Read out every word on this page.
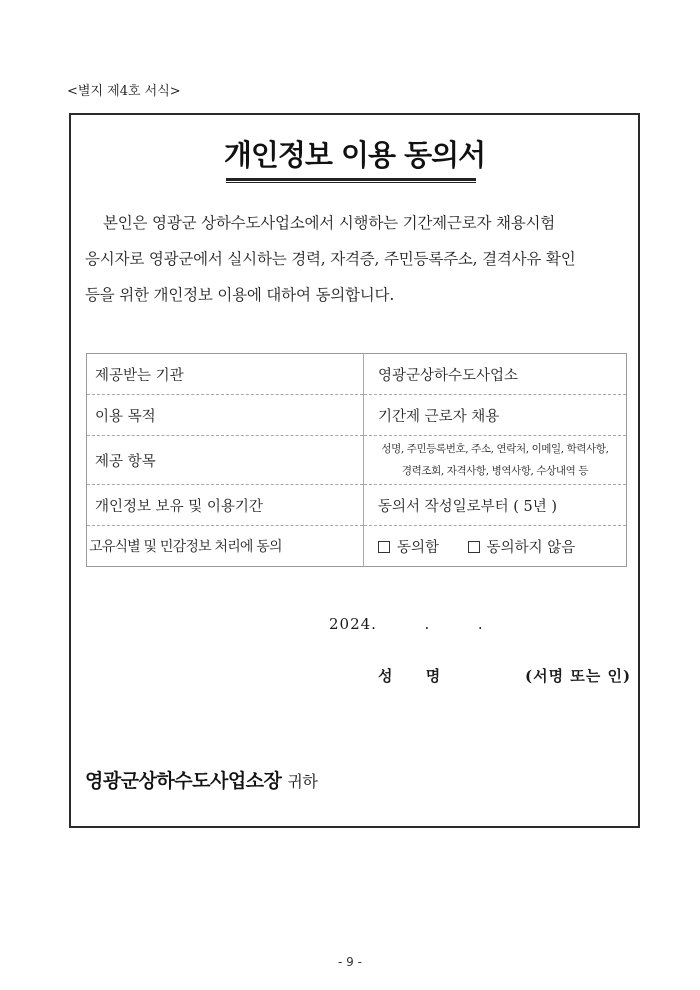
<별지 제4호 서식>
개인정보 이용 동의서
본인은 영광군 상하수도사업소에서 시행하는 기간제근로자 채용시험
응시자로 영광군에서 실시하는 경력, 자격증, 주민등록주소, 결격사유 확인
등을 위한 개인정보 이용에 대하여 동의합니다.
제공받는 기관	영광군상하수도사업소
이용 목적	기간제 근로자 채용
제공 항목	성명, 주민등록번호, 주소, 연락처, 이메일, 학력사항,
경력조회, 자격사항, 병역사항, 수상내역 등

개인정보 보유 및 이용기간	동의서 작성일로부터 ( 5년 )
고유식별 및 민감정보 처리에 동의	동의함 동의하지 않음
2024.	.	.
성 명	(서명 또는 인)
영광군상하수도사업소장 귀하
- 9 -
